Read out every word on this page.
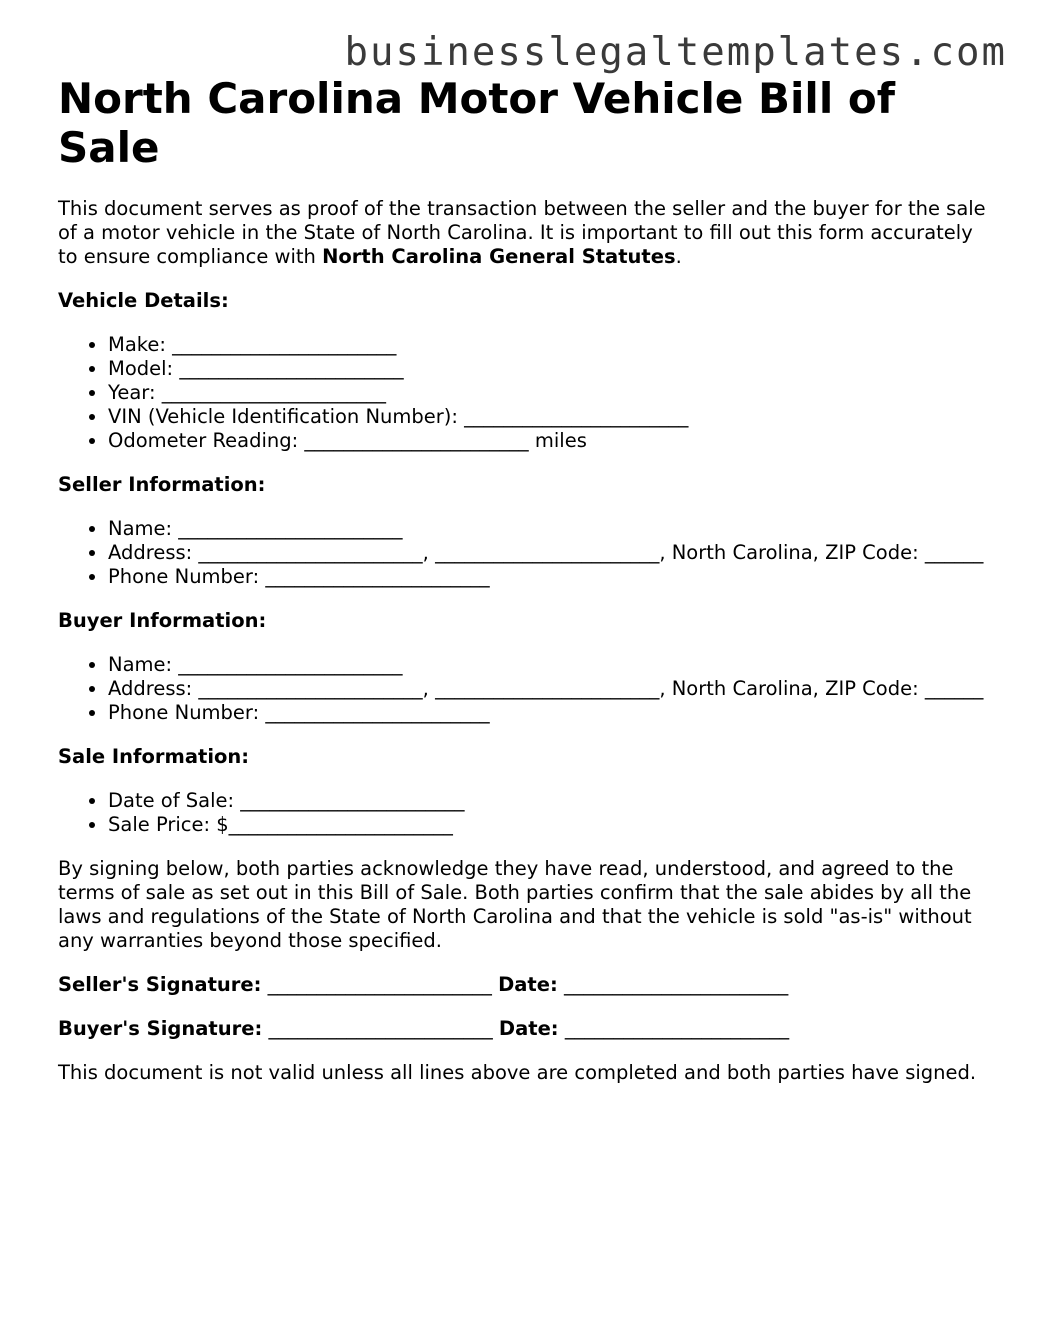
businesslegaltemplates.com
North Carolina Motor Vehicle Bill of Sale

This document serves as proof of the transaction between the seller and the buyer for the sale of a motor vehicle in the State of North Carolina. It is important to fill out this form accurately to ensure compliance with North Carolina General Statutes.

Vehicle Details:
• Make: _______________________
• Model: _______________________
• Year: _______________________
• VIN (Vehicle Identification Number): _______________________
• Odometer Reading: _______________________ miles
Seller Information:
• Name: _______________________
• Address: _______________________, _______________________, North Carolina, ZIP Code: ______
• Phone Number: _______________________
Buyer Information:
• Name: _______________________
• Address: _______________________, _______________________, North Carolina, ZIP Code: ______
• Phone Number: _______________________
Sale Information:
• Date of Sale: _______________________
• Sale Price: $_______________________

By signing below, both parties acknowledge they have read, understood, and agreed to the terms of sale as set out in this Bill of Sale. Both parties confirm that the sale abides by all the laws and regulations of the State of North Carolina and that the vehicle is sold "as-is" without any warranties beyond those specified.

Seller's Signature: _______________________ Date: _______________________
Buyer's Signature: _______________________ Date: _______________________

This document is not valid unless all lines above are completed and both parties have signed.
